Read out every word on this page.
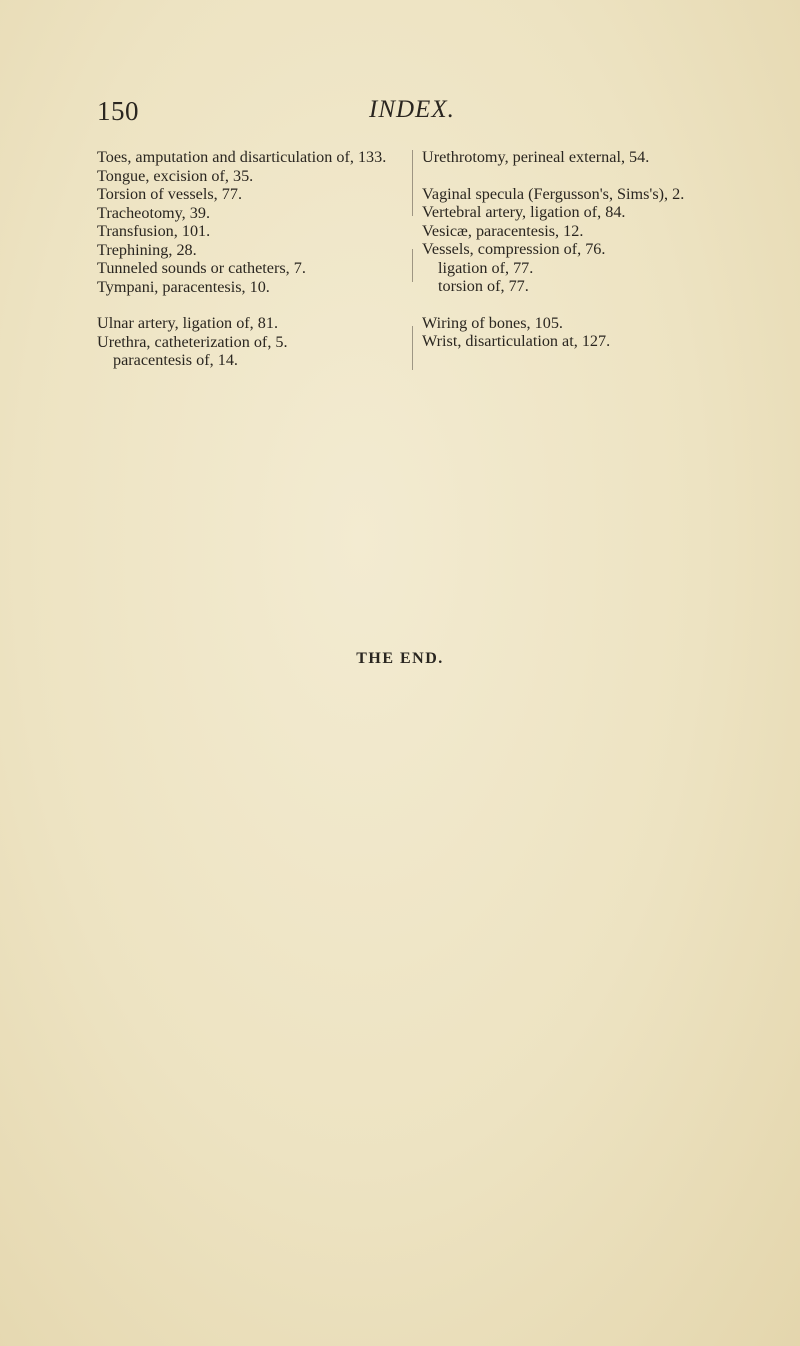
150	INDEX.

Toes, amputation and disarticulation of, 133.

Tongue, excision of, 35.

Torsion of vessels, 77.

Tracheotomy, 39.

Transfusion, 101.

Trephining, 28.

Tunneled sounds or catheters, 7.

Tympani, paracentesis, 10.

Ulnar artery, ligation of, 81.

Urethra, catheterization of, 5.

paracentesis of, 14.

Urethrotomy, perineal external, 54.

Vaginal specula (Fergusson's, Sims's), 2.

Vertebral artery, ligation of, 84.

Vesicæ, paracentesis, 12.

Vessels, compression of, 76.

ligation of, 77.

torsion of, 77.

Wiring of bones, 105.

Wrist, disarticulation at, 127.

THE END.
